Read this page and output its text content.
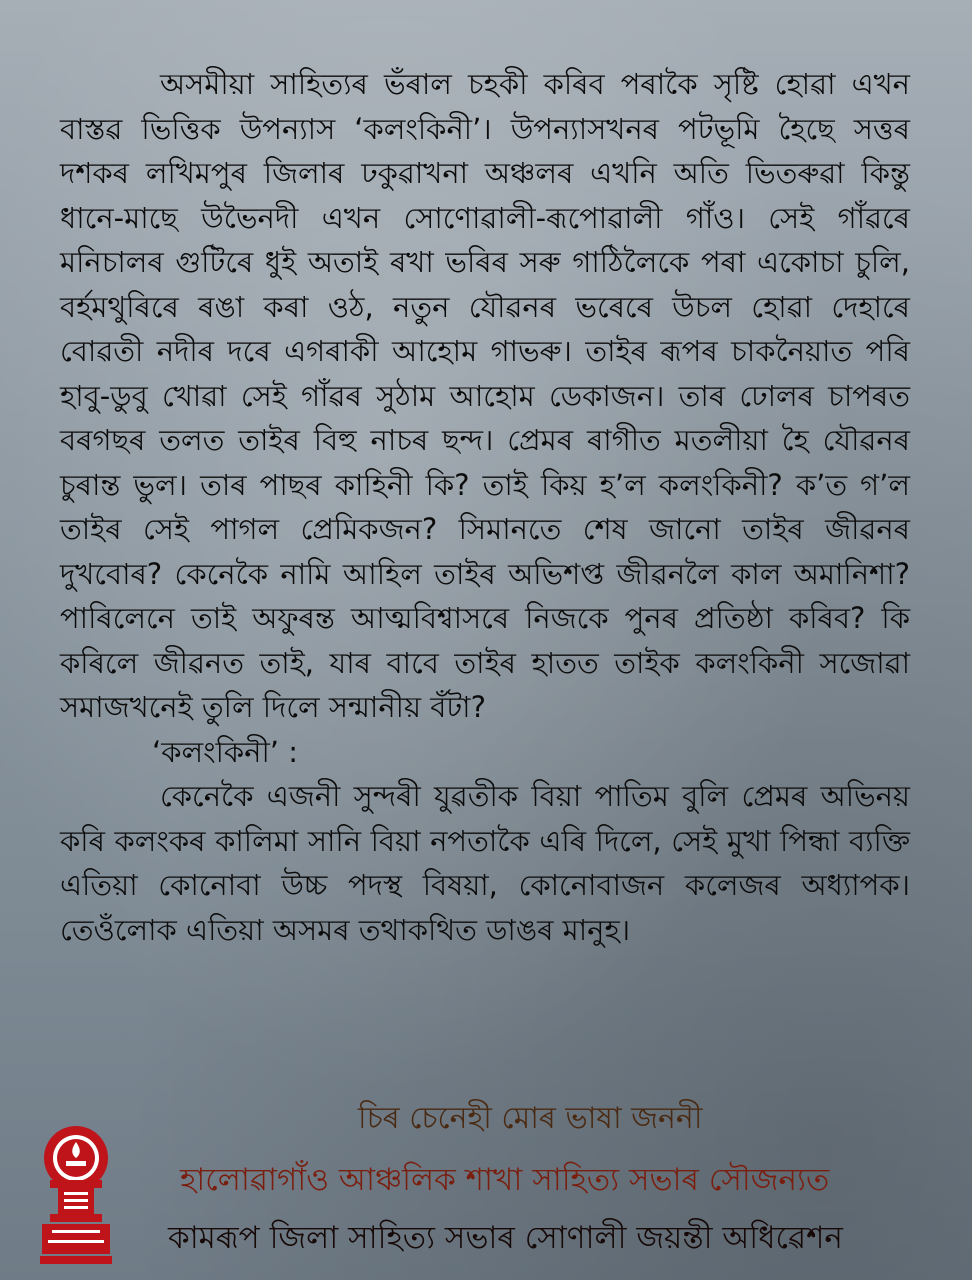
অসমীয়া সাহিত্যৰ ভঁৰাল চহকী কৰিব পৰাকৈ সৃষ্টি হোৱা এখন বাস্তৱ ভিত্তিক উপন্যাস ‘কলংকিনী’। উপন্যাসখনৰ পটভূমি হৈছে সত্তৰ দশকৰ লখিমপুৰ জিলাৰ ঢকুৱাখনা অঞ্চলৰ এখনি অতি ভিতৰুৱা কিন্তু ধানে-মাছে উভৈনদী এখন সোণোৱালী-ৰূপোৱালী গাঁও। সেই গাঁৱৰে মনিচালৰ গুটিৰে ধুই অতাই ৰখা ভৰিৰ সৰু গাঠিলৈকে পৰা একোচা চুলি, বৰ্হমথুৰিৰে ৰঙা কৰা ওঠ, নতুন যৌৱনৰ ভৰেৰে উচল হোৱা দেহাৰে বোৱতী নদীৰ দৰে এগৰাকী আহোম গাভৰু। তাইৰ ৰূপৰ চাকনৈয়াত পৰি হাবু-ডুবু খোৱা সেই গাঁৱৰ সুঠাম আহোম ডেকাজন। তাৰ ঢোলৰ চাপৰত বৰগছৰ তলত তাইৰ বিহু নাচৰ ছন্দ। প্ৰেমৰ ৰাগীত মতলীয়া হৈ যৌৱনৰ চুৰান্ত ভুল। তাৰ পাছৰ কাহিনী কি? তাই কিয় হ’ল কলংকিনী? ক’ত গ’ল তাইৰ সেই পাগল প্ৰেমিকজন? সিমানতে শেষ জানো তাইৰ জীৱনৰ দুখবোৰ? কেনেকৈ নামি আহিল তাইৰ অভিশপ্ত জীৱনলৈ কাল অমানিশা? পাৰিলেনে তাই অফুৰন্ত আত্মবিশ্বাসৰে নিজকে পুনৰ প্ৰতিষ্ঠা কৰিব? কি কৰিলে জীৱনত তাই, যাৰ বাবে তাইৰ হাতত তাইক কলংকিনী সজোৱা সমাজখনেই তুলি দিলে সন্মানীয় বঁটা?

‘কলংকিনী’ :

কেনেকৈ এজনী সুন্দৰী যুৱতীক বিয়া পাতিম বুলি প্ৰেমৰ অভিনয় কৰি কলংকৰ কালিমা সানি বিয়া নপতাকৈ এৰি দিলে, সেই মুখা পিন্ধা ব্যক্তি এতিয়া কোনোবা উচ্চ পদস্থ বিষয়া, কোনোবাজন কলেজৰ অধ্যাপক। তেওঁলোক এতিয়া অসমৰ তথাকথিত ডাঙৰ মানুহ।

চিৰ চেনেহী মোৰ ভাষা জননী
হালোৱাগাঁও আঞ্চলিক শাখা সাহিত্য সভাৰ সৌজন্যত
কামৰূপ জিলা সাহিত্য সভাৰ সোণালী জয়ন্তী অধিৱেশন
